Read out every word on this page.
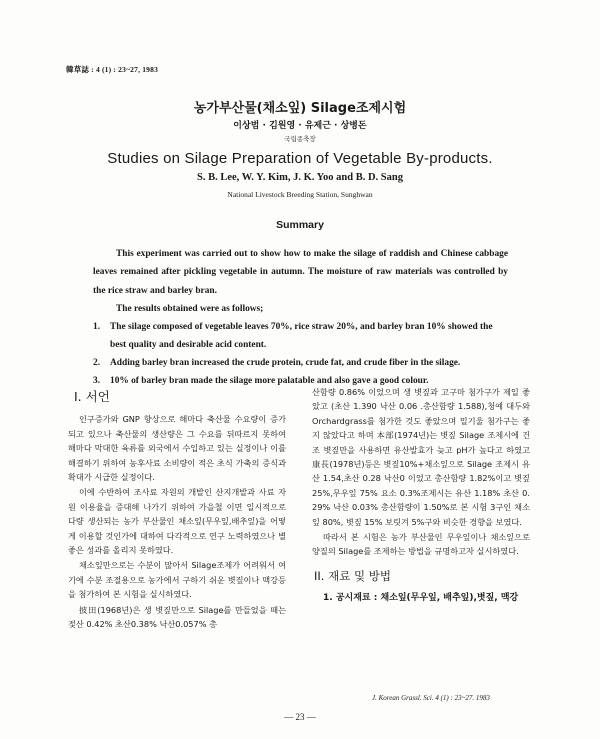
韓草誌 : 4 (1) : 23~27, 1983
농가부산물(채소잎) Silage조제시험
이상범 · 김원영 · 유제근 · 상병돈
국립종축장
Studies on Silage Preparation of Vegetable By-products.
S. B. Lee, W. Y. Kim, J. K. Yoo and B. D. Sang
National Livestock Breeding Station, Sunghwan
Summary

This experiment was carried out to show how to make the silage of raddish and Chinese cabbage leaves remained after pickling vegetable in autumn. The moisture of raw materials was controlled by the rice straw and barley bran.

The results obtained were as follows;

1. The silage composed of vegetable leaves 70%, rice straw 20%, and barley bran 10% showed the best quality and desirable acid content.
2. Adding barley bran increased the crude protein, crude fat, and crude fiber in the silage.
3. 10% of barley bran made the silage more palatable and also gave a good colour.
I. 서언

인구증가와 GNP 향상으로 해마다 축산물 수요량이 증가되고 있으나 축산물의 생산량은 그 수요를 뒤따르지 못하여 해마다 막대한 육류를 외국에서 수입하고 있는 실정이나 이를 해결하기 위하여 농후사료 소비량이 적은 초식 가축의 증식과 확대가 시급한 실정이다.

이에 수반하여 조사료 자원의 개발인 산지개발과 사료 자원 이용율을 증대해 나가기 위하여 가을철 이면 일시적으로 다량 생산되는 농가 부산물인 채소잎(무우잎,배추잎)을 어떻게 이용할 것인가에 대하여 다각적으로 연구 노력하였으나 별 좋은 성과를 올리지 못하였다.

채소잎만으로는 수분이 많아서 Silage조제가 어려워서 여기에 수분 조절용으로 농가에서 구하기 쉬운 볏짚이나 맥강등을 첨가하여 본 시험을 실시하였다.

披田(1968년)은 생 볏짚만으로 Silage를 만들었을 때는 젖산 0.42% 초산0.38% 낙산0.057% 총

산함량 0.86% 이었으며 생 볏짚과 고구마 첨가구가 제일 좋았고 (초산 1.390 낙산 0.06 .총산함량 1.588),청예 대두와 Orchardgrass를 첨가한 것도 좋았으며 밀기울 첨가구는 좋지 않았다고 하며 本部(1974년)는 볏짚 Silage 조제시에 건조 볏짚만을 사용하면 유산발효가 늦고 pH가 높다고 하였고 康長(1978년)등은 볏짚10%+채소잎으로 Silage 조제시 유산 1.54,초산 0.28 낙산0 이었고 총산함량 1.82%이고 볏짚25%,무우잎 75% 요소 0.3%조제시는 유산 1.18% 초산 0.29% 낙산 0.03% 총산함량이 1.50%로 본 시험 3구인 채소잎 80%, 볏짚 15% 보릿겨 5%구와 비슷한 경향을 보였다.

따라서 본 시험은 농가 부산물인 무우잎이나 채소잎으로 양질의 Silage를 조제하는 방법을 규명하고자 실시하였다.

II. 재료 및 방법

1. 공시재료 : 채소잎(무우잎, 배추잎),볏짚, 맥강

J. Korean Grassl. Sci. 4 (1) : 23~27. 1983
— 23 —
